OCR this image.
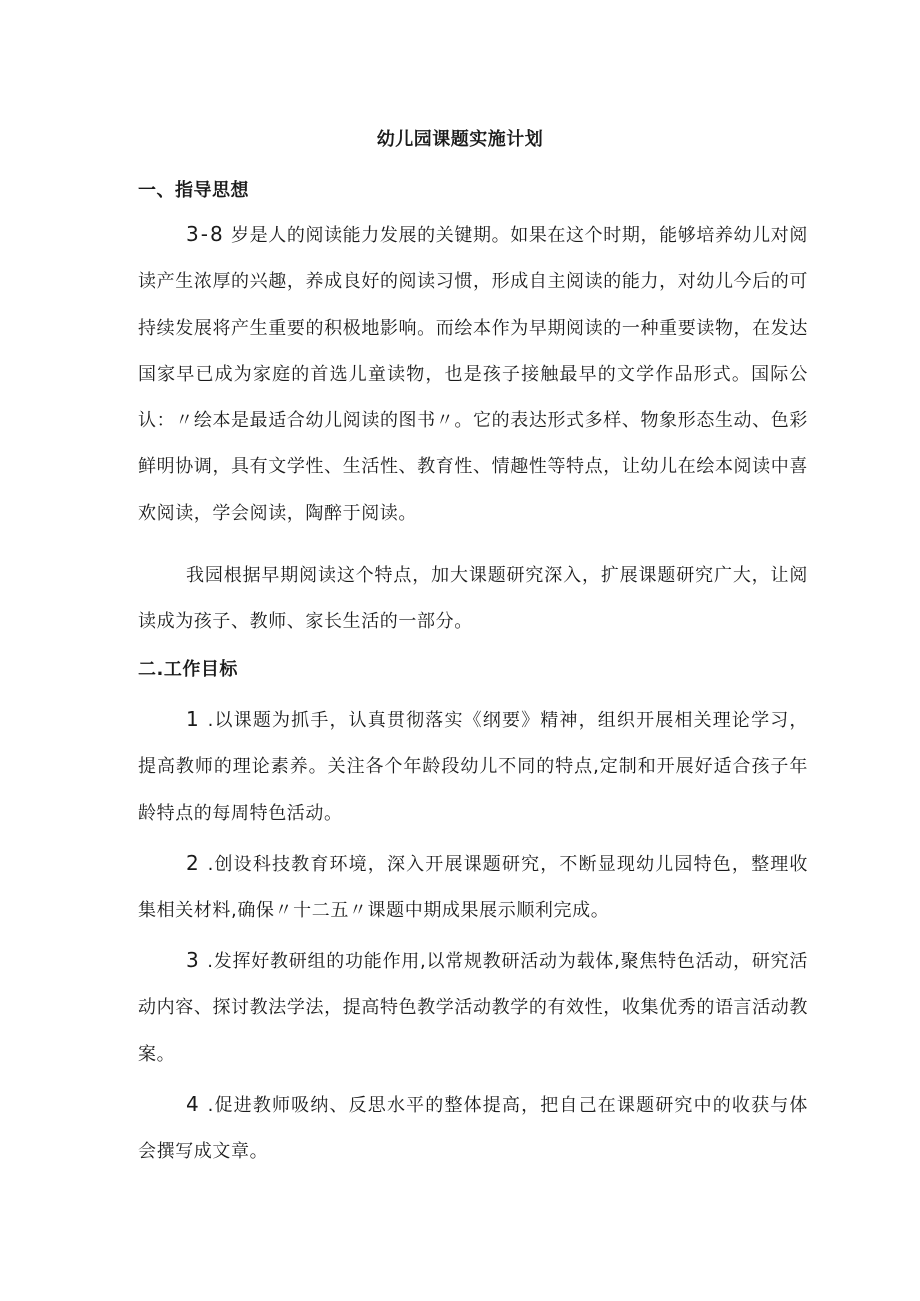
幼儿园课题实施计划
一、指导思想
3-8 岁是人的阅读能力发展的关键期。如果在这个时期，能够培养幼儿对阅读产生浓厚的兴趣，养成良好的阅读习惯，形成自主阅读的能力，对幼儿今后的可持续发展将产生重要的积极地影响。而绘本作为早期阅读的一种重要读物，在发达国家早已成为家庭的首选儿童读物，也是孩子接触最早的文学作品形式。国际公认：〃绘本是最适合幼儿阅读的图书〃。它的表达形式多样、物象形态生动、色彩鲜明协调，具有文学性、生活性、教育性、情趣性等特点，让幼儿在绘本阅读中喜欢阅读，学会阅读，陶醉于阅读。
我园根据早期阅读这个特点，加大课题研究深入，扩展课题研究广大，让阅读成为孩子、教师、家长生活的一部分。
二.工作目标
1 .以课题为抓手，认真贯彻落实《纲要》精神，组织开展相关理论学习，提高教师的理论素养。关注各个年龄段幼儿不同的特点,定制和开展好适合孩子年龄特点的每周特色活动。
2 .创设科技教育环境，深入开展课题研究，不断显现幼儿园特色，整理收集相关材料,确保〃十二五〃课题中期成果展示顺利完成。
3 .发挥好教研组的功能作用,以常规教研活动为载体,聚焦特色活动，研究活动内容、探讨教法学法，提高特色教学活动教学的有效性，收集优秀的语言活动教案。
4 .促进教师吸纳、反思水平的整体提高，把自己在课题研究中的收获与体会撰写成文章。
